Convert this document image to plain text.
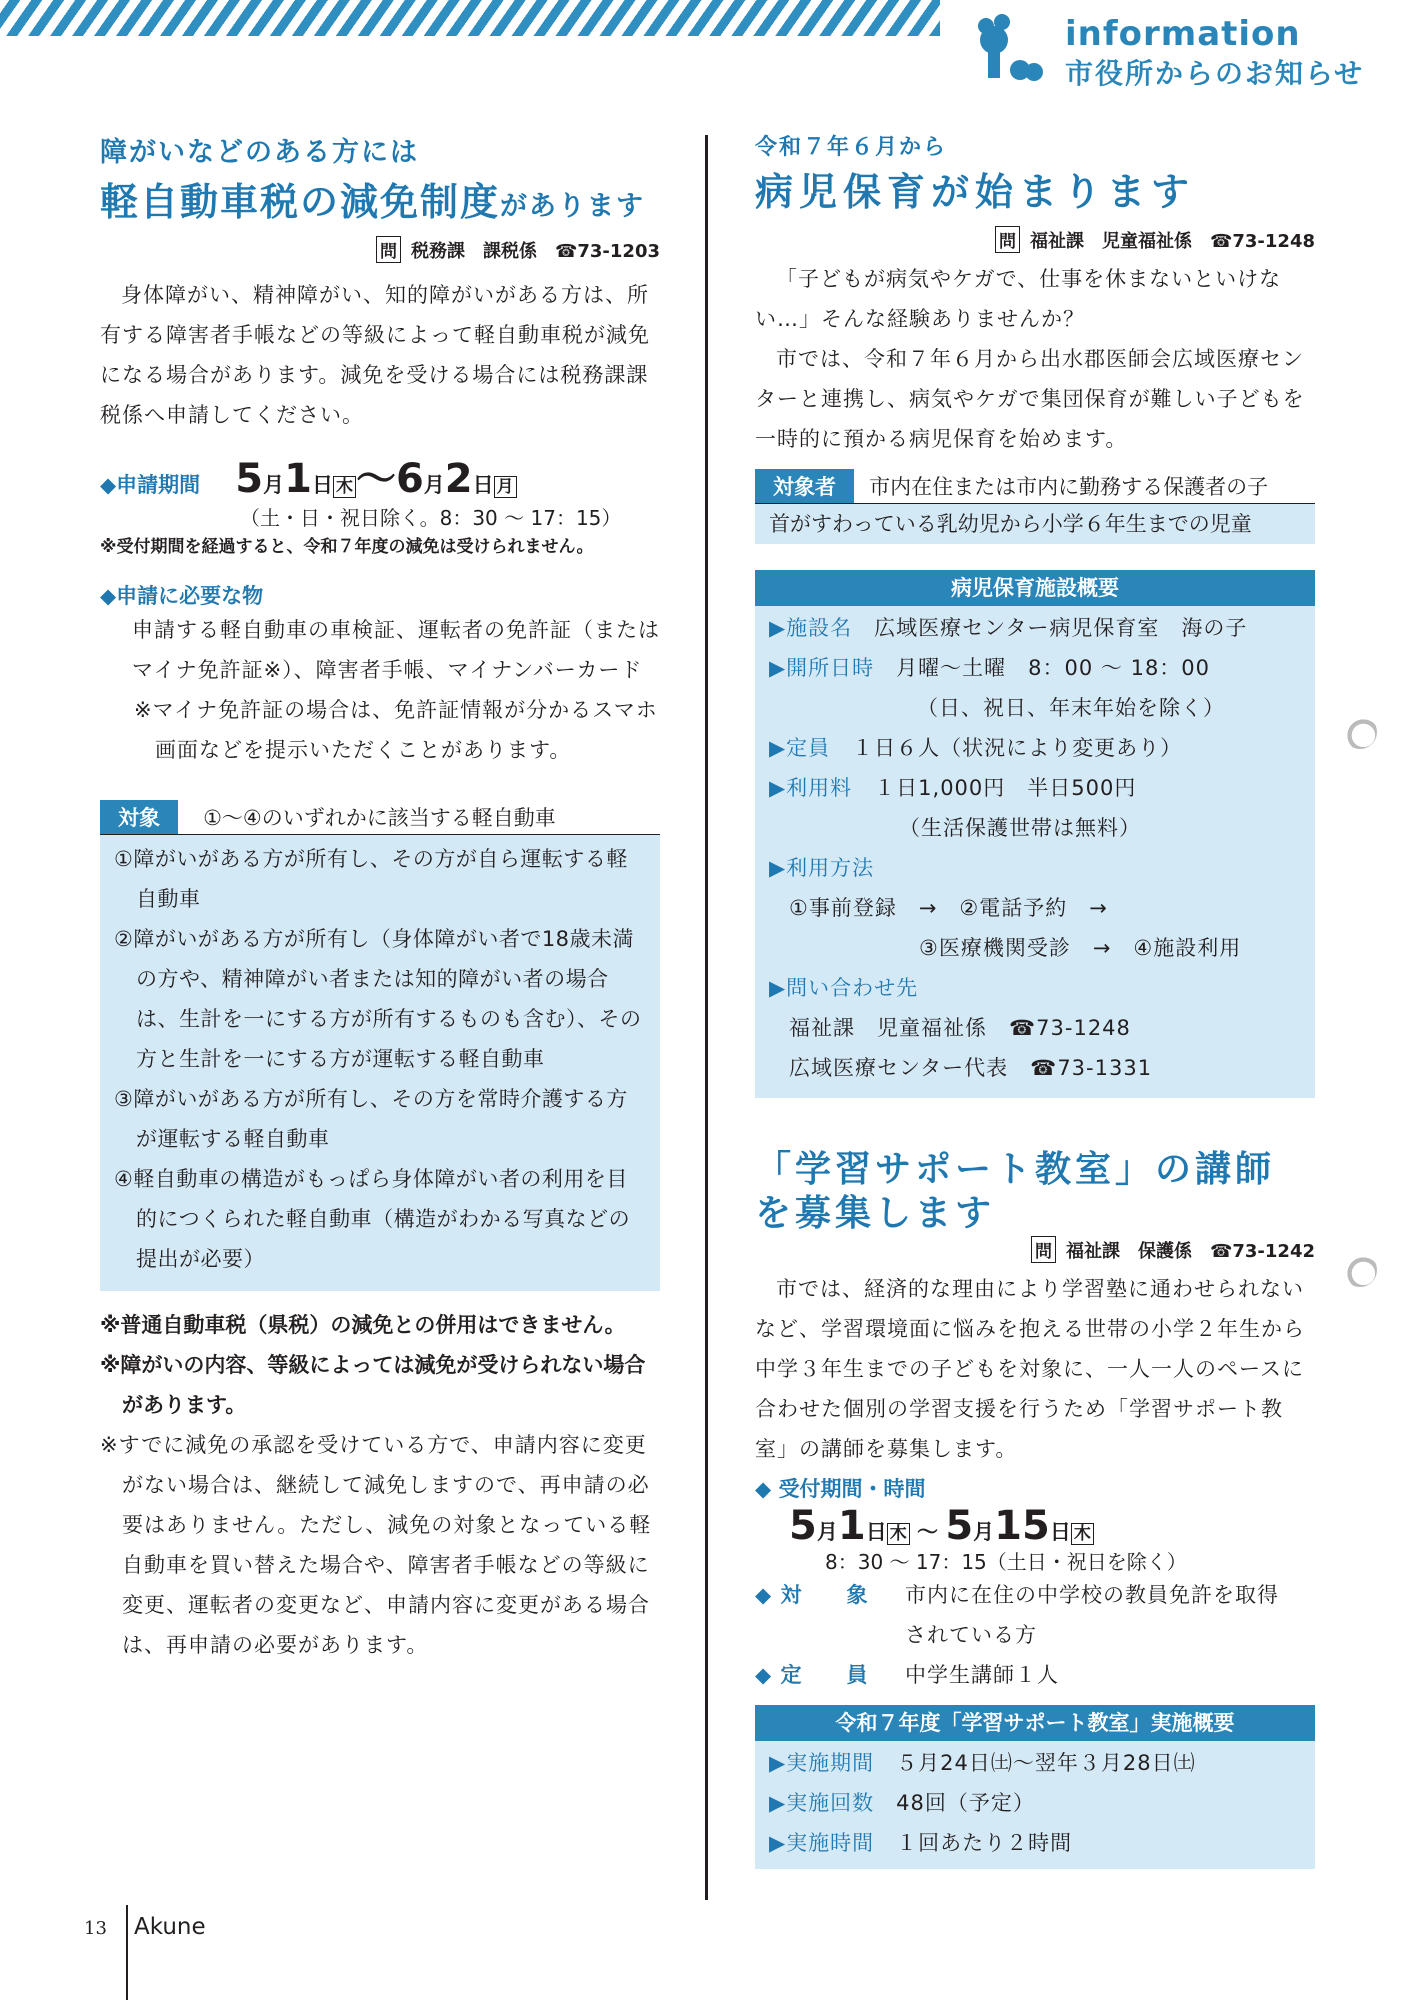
information
市役所からのお知らせ
障がいなどのある方には
軽自動車税の減免制度があります
問 税務課　課税係　 ☎73-1203
身体障がい、精神障がい、知的障がいがある方は、所有する障害者手帳などの等級によって軽自動車税が減免になる場合があります。減免を受ける場合には税務課課税係へ申請してください。
◆申請期間 5月1日 木～6月2日 月
（土・日・祝日除く。8：30 ～ 17：15）
※受付期間を経過すると、令和７年度の減免は受けられません。
◆申請に必要な物
申請する軽自動車の車検証、運転者の免許証（またはマイナ免許証※）、障害者手帳、マイナンバーカード
※マイナ免許証の場合は、免許証情報が分かるスマホ画面などを提示いただくことがあります。
対象 ①～④のいずれかに該当する軽自動車
①障がいがある方が所有し、その方が自ら運転する軽自動車
②障がいがある方が所有し（身体障がい者で18歳未満の方や、精神障がい者または知的障がい者の場合は、生計を一にする方が所有するものも含む）、その方と生計を一にする方が運転する軽自動車
③障がいがある方が所有し、その方を常時介護する方が運転する軽自動車
④軽自動車の構造がもっぱら身体障がい者の利用を目的につくられた軽自動車（構造がわかる写真などの提出が必要）
※普通自動車税（県税）の減免との併用はできません。
※障がいの内容、等級によっては減免が受けられない場合があります。
※すでに減免の承認を受けている方で、申請内容に変更がない場合は、継続して減免しますので、再申請の必要はありません。ただし、減免の対象となっている軽自動車を買い替えた場合や、障害者手帳などの等級に変更、運転者の変更など、申請内容に変更がある場合は、再申請の必要があります。
令和７年６月から
病児保育が始まります
問 福祉課　児童福祉係　 ☎73-1248
「子どもが病気やケガで、仕事を休まないといけない…」そんな経験ありませんか？
市では、令和７年６月から出水郡医師会広域医療センターと連携し、病気やケガで集団保育が難しい子どもを一時的に預かる病児保育を始めます。
対象者 市内在住または市内に勤務する保護者の子
首がすわっている乳幼児から小学６年生までの児童
病児保育施設概要
▶施設名　 広域医療センター病児保育室　海の子
▶開所日時　 月曜～土曜　8：00 ～ 18：00
（日、祝日、年末年始を除く）
▶定員　 １日６人（状況により変更あり）
▶利用料　 １日1,000円　半日500円
（生活保護世帯は無料）
▶利用方法
①事前登録　→　②電話予約　→
③医療機関受診　→　④施設利用
▶問い合わせ先
福祉課　児童福祉係　☎73-1248
広域医療センター代表　☎73-1331
「学習サポート教室」の講師
を募集します
問 福祉課　保護係　 ☎73-1242
市では、経済的な理由により学習塾に通わせられないなど、学習環境面に悩みを抱える世帯の小学２年生から中学３年生までの子どもを対象に、一人一人のペースに合わせた個別の学習支援を行うため「学習サポート教室」の講師を募集します。
◆ 受付期間・時間
5月1日 木 ～ 5月15日 木
8：30 ～ 17：15（土日・祝日を除く）
◆ 対　　象 市内に在住の中学校の教員免許を取得
されている方
◆ 定　　員 中学生講師１人
令和７年度「学習サポート教室」実施概要
▶実施期間　 ５月24日㈯～翌年３月28日㈯
▶実施回数　 48回（予定）
▶実施時間　 １回あたり２時間
13 Akune
